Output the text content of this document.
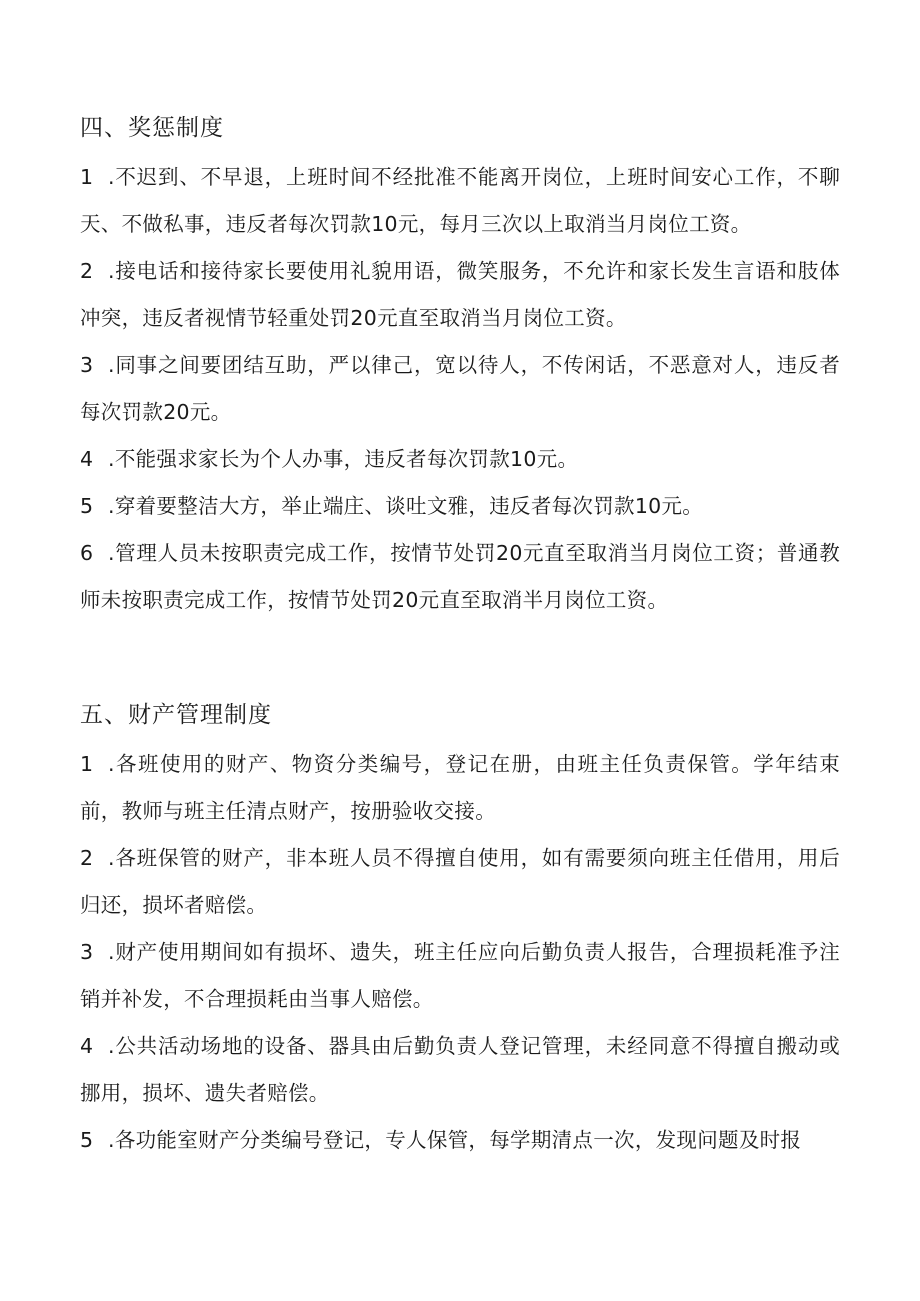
四、奖惩制度
1 .不迟到、不早退，上班时间不经批准不能离开岗位，上班时间安心工作，不聊天、不做私事，违反者每次罚款10元，每月三次以上取消当月岗位工资。
2 .接电话和接待家长要使用礼貌用语，微笑服务，不允许和家长发生言语和肢体冲突，违反者视情节轻重处罚20元直至取消当月岗位工资。
3 .同事之间要团结互助，严以律己，宽以待人，不传闲话，不恶意对人，违反者每次罚款20元。
4 .不能强求家长为个人办事，违反者每次罚款10元。
5 .穿着要整洁大方，举止端庄、谈吐文雅，违反者每次罚款10元。
6 .管理人员未按职责完成工作，按情节处罚20元直至取消当月岗位工资；普通教师未按职责完成工作，按情节处罚20元直至取消半月岗位工资。
五、财产管理制度
1 .各班使用的财产、物资分类编号，登记在册，由班主任负责保管。学年结束前，教师与班主任清点财产，按册验收交接。
2 .各班保管的财产，非本班人员不得擅自使用，如有需要须向班主任借用，用后归还，损坏者赔偿。
3 .财产使用期间如有损坏、遗失，班主任应向后勤负责人报告，合理损耗准予注销并补发，不合理损耗由当事人赔偿。
4 .公共活动场地的设备、器具由后勤负责人登记管理，未经同意不得擅自搬动或挪用，损坏、遗失者赔偿。
5 .各功能室财产分类编号登记，专人保管，每学期清点一次，发现问题及时报
